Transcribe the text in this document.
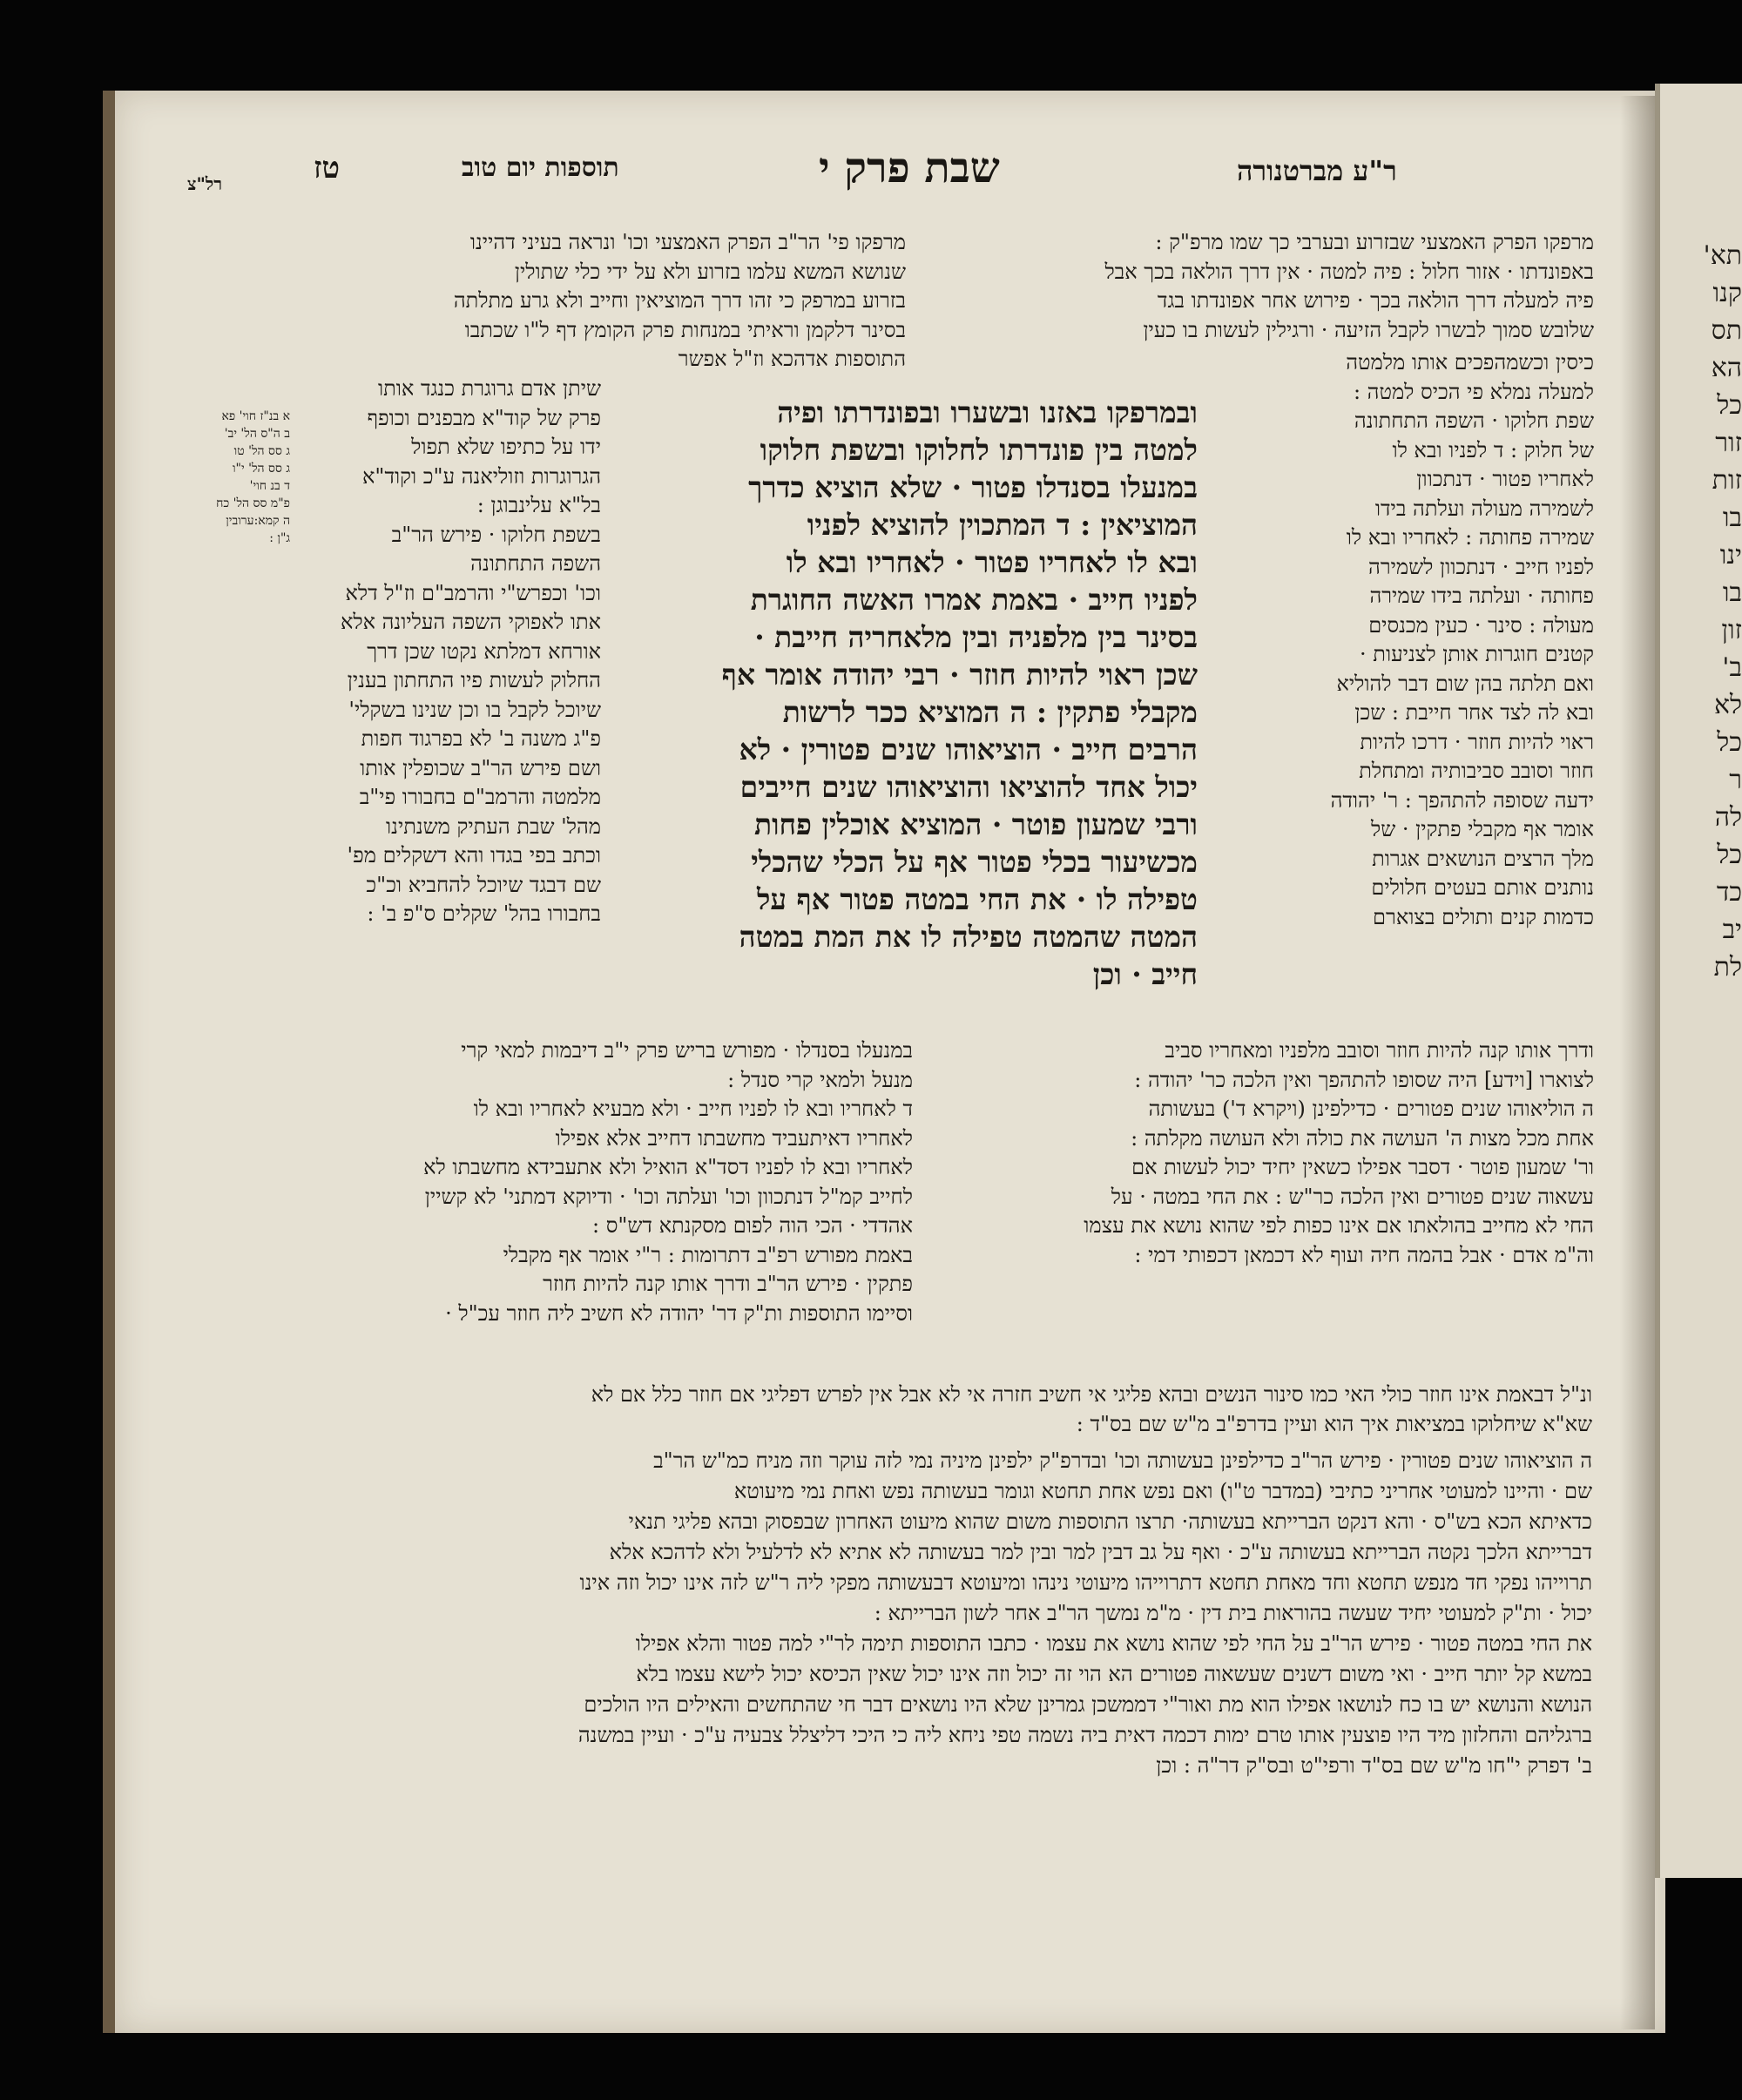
רל"צ	טז	תוספות יום טוב	שבת פרק י	ר"ע מברטנורה
מרפקו פי' הר"ב הפרק האמצעי וכו' ונראה בעיני דהיינו
שנושא המשא עלמו בזרוע ולא על ידי כלי שתולין
בזרוע במרפק כי זהו דרך המוציאין וחייב ולא גרע מתלתה
בסינר דלקמן וראיתי במנחות פרק הקומץ דף ל"ו שכתבו
התוספות אדהכא וז"ל אפשר
א בנ"ז חוי' פא
ב ה"ס הל' יב'
ג סס הל' טו
ג סס הל' י"ו
ד בנ חוי'
פ"מ סס הל' כח
ה קמא:ערובין
ג"ן :
שיתן אדם גרוגרת כנגד אותו
פרק של קוד"א מבפנים וכופף
ידו על כתיפו שלא תפול
הגרוגרות וזוליאנה ע"כ וקוד"א
בל"א עלינבוגן :
בשפת חלוקו · פירש הר"ב
השפה התחתונה
וכו' וכפרש"י והרמב"ם וז"ל דלא
אתו לאפוקי השפה העליונה אלא
אורחא דמלתא נקטו שכן דרך
החלוק לעשות פיו התחתון בענין
שיוכל לקבל בו וכן שנינו בשקלי'
פ"ג משנה ב' לא בפרגוד חפות
ושם פירש הר"ב שכופלין אותו
מלמטה והרמב"ם בחבורו פי"ב
מהל' שבת העתיק משנתינו
וכתב בפי בגדו והא דשקלים מפ'
שם דבגד שיוכל להחביא וכ"כ
בחבורו בהל' שקלים ס"פ ב' :
ובמרפקו באזנו ובשערו ובפונדרתו ופיה
למטה בין פונדרתו לחלוקו ובשפת חלוקו
במנעלו בסנדלו פטור · שלא הוציא כדרך
המוציאין : ד המתכוין להוציא לפניו
ובא לו לאחריו פטור · לאחריו ובא לו
לפניו חייב · באמת אמרו האשה החוגרת
בסינר בין מלפניה ובין מלאחריה חייבת ·
שכן ראוי להיות חוזר · רבי יהודה אומר אף
מקבלי פתקין : ה המוציא ככר לרשות
הרבים חייב · הוציאוהו שנים פטורין · לא
יכול אחד להוציאו והוציאוהו שנים חייבים
ורבי שמעון פוטר · המוציא אוכלין פחות
מכשיעור בכלי פטור אף על הכלי שהכלי
טפילה לו · את החי במטה פטור אף על
המטה שהמטה טפילה לו את המת במטה
חייב · וכן
מרפקו הפרק האמצעי שבזרוע ובערבי כך שמו מרפ"ק :
באפונדתו · אזור חלול : פיה למטה · אין דרך הולאה בכך אבל
פיה למעלה דרך הולאה בכך · פירוש אחר אפונדתו בגד
שלובש סמוך לבשרו לקבל הזיעה · ורגילין לעשות בו כעין
כיסין וכשמהפכים אותו מלמטה
למעלה נמלא פי הכיס למטה :
שפת חלוקו · השפה התחתונה
של חלוק : ד לפניו ובא לו
לאחריו פטור · דנתכוון
לשמירה מעולה ועלתה בידו
שמירה פחותה : לאחריו ובא לו
לפניו חייב · דנתכוון לשמירה
פחותה · ועלתה בידו שמירה
מעולה : סינר · כעין מכנסים
קטנים חוגרות אותן לצניעות ·
ואם תלתה בהן שום דבר להוליא
ובא לה לצד אחר חייבת : שכן
ראוי להיות חוזר · דרכו להיות
חוזר וסובב סביבותיה ומתחלת
ידעה שסופה להתהפך : ר' יהודה
אומר אף מקבלי פתקין · של
מלך הרצים הנושאים אגרות
נותנים אותם בעטים חלולים
כדמות קנים ותולים בצוארם
ודרך אותו קנה להיות חוזר וסובב מלפניו ומאחריו סביב
לצוארו [וידע] היה שסופו להתהפך ואין הלכה כר' יהודה :
ה הוליאוהו שנים פטורים · כדילפינן (ויקרא ד') בעשותה
אחת מכל מצות ה' העושה את כולה ולא העושה מקלתה :
ור' שמעון פוטר · דסבר אפילו כשאין יחיד יכול לעשות אם
עשאוה שנים פטורים ואין הלכה כר"ש : את החי במטה · על
החי לא מחייב בהולאתו אם אינו כפות לפי שהוא נושא את עצמו
וה"מ אדם · אבל בהמה חיה ועוף לא דכמאן דכפותי דמי :
במנעלו בסנדלו · מפורש בריש פרק י"ב דיבמות למאי קרי
מנעל ולמאי קרי סנדל :
ד לאחריו ובא לו לפניו חייב · ולא מבעיא לאחריו ובא לו
לאחריו דאיתעביד מחשבתו דחייב אלא אפילו
לאחריו ובא לו לפניו דסד"א הואיל ולא אתעבידא מחשבתו לא
לחייב קמ"ל דנתכוון וכו' ועלתה וכו' · ודיוקא דמתני' לא קשיין
אהדדי · הכי הוה לפום מסקנתא דש"ס :
באמת מפורש רפ"ב דתרומות : ר"י אומר אף מקבלי
פתקין · פירש הר"ב ודרך אותו קנה להיות חוזר
וסיימו התוספות ות"ק דר' יהודה לא חשיב ליה חוזר עכ"ל ·
ונ"ל דבאמת אינו חוזר כולי האי כמו סינור הנשים ובהא פליגי אי חשיב חזרה אי לא אבל אין לפרש דפליגי אם חוזר כלל אם לא
שא"א שיחלוקו במציאות איך הוא ועיין בדרפ"ב מ"ש שם בס"ד :
ה הוציאוהו שנים פטורין · פירש הר"ב כדילפינן בעשותה וכו' ובדרפ"ק ילפינן מיניה נמי לזה עוקר וזה מניח כמ"ש הר"ב
שם · והיינו למעוטי אחריני כתיבי (במדבר ט"ו) ואם נפש אחת תחטא וגומר בעשותה נפש ואחת נמי מיעוטא
כדאיתא הכא בש"ס · והא דנקט הברייתא בעשותה· תרצו התוספות משום שהוא מיעוט האחרון שבפסוק ובהא פליגי תנאי
דברייתא הלכך נקטה הברייתא בעשותה ע"כ · ואף על גב דבין למר ובין למר בעשותה לא אתיא לא לדלעיל ולא לדהכא אלא
תרוייהו נפקי חד מנפש תחטא וחד מאחת תחטא דתרוייהו מיעוטי נינהו ומיעוטא דבעשותה מפקי ליה ר"ש לזה אינו יכול וזה אינו
יכול · ות"ק למעוטי יחיד שעשה בהוראות בית דין · מ"מ נמשך הר"ב אחר לשון הברייתא :
את החי במטה פטור · פירש הר"ב על החי לפי שהוא נושא את עצמו · כתבו התוספות תימה לר"י למה פטור והלא אפילו
במשא קל יותר חייב · ואי משום דשנים שעשאוה פטורים הא הוי זה יכול וזה אינו יכול שאין הכיסא יכול לישא עצמו בלא
הנושא והנושא יש בו כח לנושאו אפילו הוא מת ואור"י דממשכן גמרינן שלא היו נושאים דבר חי שהתחשים והאילים היו הולכים
ברגליהם והחלזון מיד היו פוצעין אותו טרם ימות דכמה דאית ביה נשמה טפי ניחא ליה כי היכי דליצלל צבעיה ע"כ · ועיין במשנה
ב' דפרק י"חו מ"ש שם בס"ד ורפי"ט ובס"ק דר"ה : וכן
תא'
קנו
תס
הא
כל
זור
זות
בו
ינו
בו
זון
ב'
לא
כל
ר
לה
כל
כד
יב
לת
